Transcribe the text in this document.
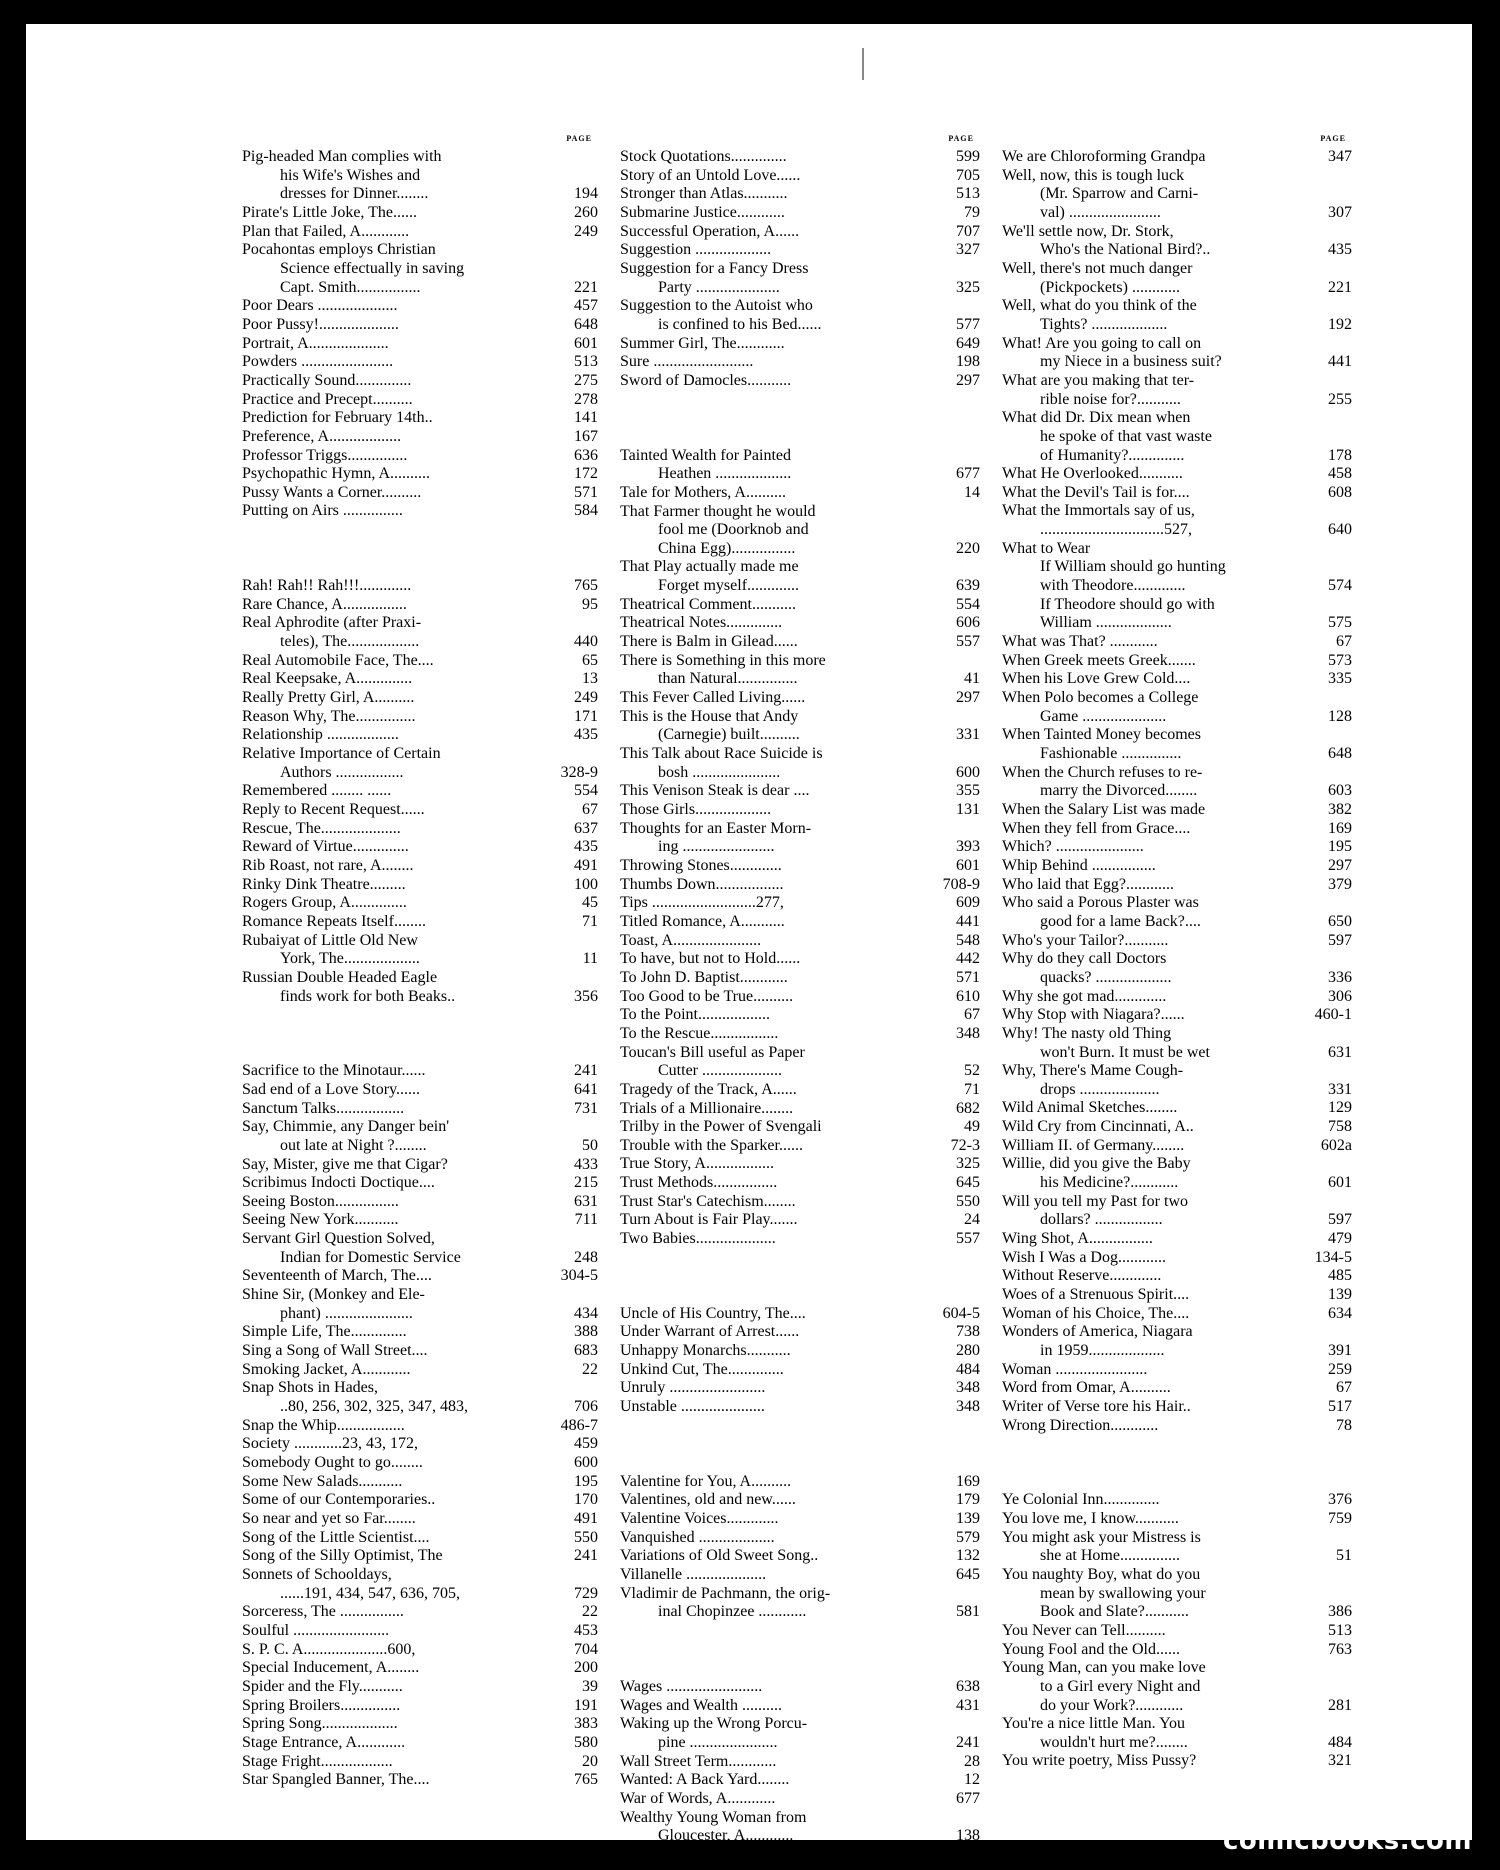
PAGE
Pig-headed Man complies with
his Wife's Wishes and
dresses for Dinner........	194
Pirate's Little Joke, The......	260
Plan that Failed, A............	249
Pocahontas employs Christian
Science effectually in saving
Capt. Smith................	221
Poor Dears ....................	457
Poor Pussy!....................	648
Portrait, A....................	601
Powders .......................	513
Practically Sound..............	275
Practice and Precept..........	278
Prediction for February 14th..	141
Preference, A..................	167
Professor Triggs...............	636
Psychopathic Hymn, A..........	172
Pussy Wants a Corner..........	571
Putting on Airs ...............	584
Rah! Rah!! Rah!!!.............	765
Rare Chance, A................	95
Real Aphrodite (after Praxi-
teles), The..................	440
Real Automobile Face, The....	65
Real Keepsake, A..............	13
Really Pretty Girl, A..........	249
Reason Why, The...............	171
Relationship ..................	435
Relative Importance of Certain
Authors .................	328-9
Remembered ........ ......	554
Reply to Recent Request......	67
Rescue, The....................	637
Reward of Virtue..............	435
Rib Roast, not rare, A........	491
Rinky Dink Theatre.........	100
Rogers Group, A..............	45
Romance Repeats Itself........	71
Rubaiyat of Little Old New
York, The...................	11
Russian Double Headed Eagle
finds work for both Beaks..	356
Sacrifice to the Minotaur......	241
Sad end of a Love Story......	641
Sanctum Talks.................	731
Say, Chimmie, any Danger bein'
out late at Night ?........	50
Say, Mister, give me that Cigar?	433
Scribimus Indocti Doctique....	215
Seeing Boston................	631
Seeing New York...........	711
Servant Girl Question Solved,
Indian for Domestic Service	248
Seventeenth of March, The....	304-5
Shine Sir, (Monkey and Ele-
phant) ......................	434
Simple Life, The..............	388
Sing a Song of Wall Street....	683
Smoking Jacket, A............	22
Snap Shots in Hades,
..80, 256, 302, 325, 347, 483,	706
Snap the Whip.................	486-7
Society ............23, 43, 172,	459
Somebody Ought to go........	600
Some New Salads...........	195
Some of our Contemporaries..	170
So near and yet so Far........	491
Song of the Little Scientist....	550
Song of the Silly Optimist, The	241
Sonnets of Schooldays,
......191, 434, 547, 636, 705,	729
Sorceress, The ................	22
Soulful ........................	453
S. P. C. A.....................600,	704
Special Inducement, A........	200
Spider and the Fly...........	39
Spring Broilers...............	191
Spring Song...................	383
Stage Entrance, A............	580
Stage Fright..................	20
Star Spangled Banner, The....	765
PAGE
Stock Quotations..............	599
Story of an Untold Love......	705
Stronger than Atlas...........	513
Submarine Justice............	79
Successful Operation, A......	707
Suggestion ...................	327
Suggestion for a Fancy Dress
Party .....................	325
Suggestion to the Autoist who
is confined to his Bed......	577
Summer Girl, The............	649
Sure .........................	198
Sword of Damocles...........	297
Tainted Wealth for Painted
Heathen ...................	677
Tale for Mothers, A..........	14
That Farmer thought he would
fool me (Doorknob and
China Egg)................	220
That Play actually made me
Forget myself.............	639
Theatrical Comment...........	554
Theatrical Notes..............	606
There is Balm in Gilead......	557
There is Something in this more
than Natural...............	41
This Fever Called Living......	297
This is the House that Andy
(Carnegie) built..........	331
This Talk about Race Suicide is
bosh ......................	600
This Venison Steak is dear ....	355
Those Girls...................	131
Thoughts for an Easter Morn-
ing .......................	393
Throwing Stones.............	601
Thumbs Down.................	708-9
Tips ..........................277,	609
Titled Romance, A...........	441
Toast, A......................	548
To have, but not to Hold......	442
To John D. Baptist............	571
Too Good to be True..........	610
To the Point..................	67
To the Rescue.................	348
Toucan's Bill useful as Paper
Cutter ....................	52
Tragedy of the Track, A......	71
Trials of a Millionaire........	682
Trilby in the Power of Svengali	49
Trouble with the Sparker......	72-3
True Story, A.................	325
Trust Methods................	645
Trust Star's Catechism........	550
Turn About is Fair Play.......	24
Two Babies....................	557
Uncle of His Country, The....	604-5
Under Warrant of Arrest......	738
Unhappy Monarchs...........	280
Unkind Cut, The..............	484
Unruly ........................	348
Unstable .....................	348
Valentine for You, A..........	169
Valentines, old and new......	179
Valentine Voices.............	139
Vanquished ...................	579
Variations of Old Sweet Song..	132
Villanelle ....................	645
Vladimir de Pachmann, the orig-
inal Chopinzee ............	581
Wages ........................	638
Wages and Wealth ..........	431
Waking up the Wrong Porcu-
pine ......................	241
Wall Street Term............	28
Wanted: A Back Yard........	12
War of Words, A............	677
Wealthy Young Woman from
Gloucester, A............	138
PAGE
We are Chloroforming Grandpa	347
Well, now, this is tough luck
(Mr. Sparrow and Carni-
val) .......................	307
We'll settle now, Dr. Stork,
Who's the National Bird?..	435
Well, there's not much danger
(Pickpockets) ............	221
Well, what do you think of the
Tights? ...................	192
What! Are you going to call on
my Niece in a business suit?	441
What are you making that ter-
rible noise for?...........	255
What did Dr. Dix mean when
he spoke of that vast waste
of Humanity?..............	178
What He Overlooked...........	458
What the Devil's Tail is for....	608
What the Immortals say of us,
...............................527,	640
What to Wear
If William should go hunting
with Theodore.............	574
If Theodore should go with
William ...................	575
What was That? ............	67
When Greek meets Greek.......	573
When his Love Grew Cold....	335
When Polo becomes a College
Game .....................	128
When Tainted Money becomes
Fashionable ...............	648
When the Church refuses to re-
marry the Divorced........	603
When the Salary List was made	382
When they fell from Grace....	169
Which? ......................	195
Whip Behind ................	297
Who laid that Egg?............	379
Who said a Porous Plaster was
good for a lame Back?....	650
Who's your Tailor?...........	597
Why do they call Doctors
quacks? ...................	336
Why she got mad.............	306
Why Stop with Niagara?......	460-1
Why! The nasty old Thing
won't Burn. It must be wet	631
Why, There's Mame Cough-
drops ....................	331
Wild Animal Sketches........	129
Wild Cry from Cincinnati, A..	758
William II. of Germany........	602a
Willie, did you give the Baby
his Medicine?............	601
Will you tell my Past for two
dollars? .................	597
Wing Shot, A................	479
Wish I Was a Dog............	134-5
Without Reserve.............	485
Woes of a Strenuous Spirit....	139
Woman of his Choice, The....	634
Wonders of America, Niagara
in 1959...................	391
Woman .......................	259
Word from Omar, A..........	67
Writer of Verse tore his Hair..	517
Wrong Direction............	78
Ye Colonial Inn..............	376
You love me, I know...........	759
You might ask your Mistress is
she at Home...............	51
You naughty Boy, what do you
mean by swallowing your
Book and Slate?...........	386
You Never can Tell..........	513
Young Fool and the Old......	763
Young Man, can you make love
to a Girl every Night and
do your Work?............	281
You're a nice little Man. You
wouldn't hurt me?........	484
You write poetry, Miss Pussy?	321
comicbooks.com
